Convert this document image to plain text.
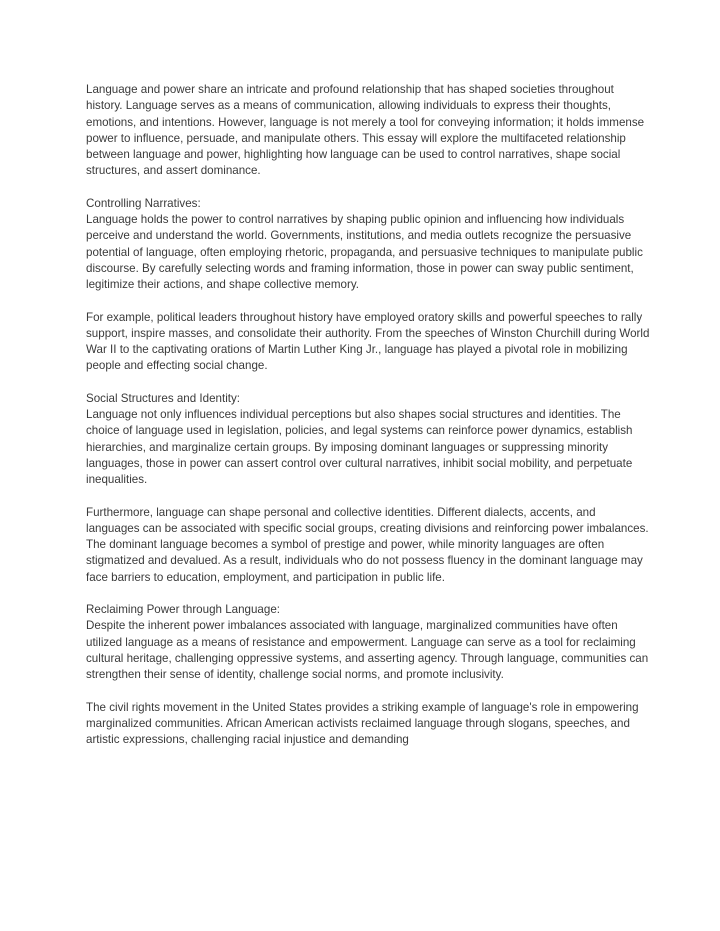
Language and power share an intricate and profound relationship that has shaped societies throughout history. Language serves as a means of communication, allowing individuals to express their thoughts, emotions, and intentions. However, language is not merely a tool for conveying information; it holds immense power to influence, persuade, and manipulate others. This essay will explore the multifaceted relationship between language and power, highlighting how language can be used to control narratives, shape social structures, and assert dominance.

Controlling Narratives:
Language holds the power to control narratives by shaping public opinion and influencing how individuals perceive and understand the world. Governments, institutions, and media outlets recognize the persuasive potential of language, often employing rhetoric, propaganda, and persuasive techniques to manipulate public discourse. By carefully selecting words and framing information, those in power can sway public sentiment, legitimize their actions, and shape collective memory.

For example, political leaders throughout history have employed oratory skills and powerful speeches to rally support, inspire masses, and consolidate their authority. From the speeches of Winston Churchill during World War II to the captivating orations of Martin Luther King Jr., language has played a pivotal role in mobilizing people and effecting social change.

Social Structures and Identity:
Language not only influences individual perceptions but also shapes social structures and identities. The choice of language used in legislation, policies, and legal systems can reinforce power dynamics, establish hierarchies, and marginalize certain groups. By imposing dominant languages or suppressing minority languages, those in power can assert control over cultural narratives, inhibit social mobility, and perpetuate inequalities.

Furthermore, language can shape personal and collective identities. Different dialects, accents, and languages can be associated with specific social groups, creating divisions and reinforcing power imbalances. The dominant language becomes a symbol of prestige and power, while minority languages are often stigmatized and devalued. As a result, individuals who do not possess fluency in the dominant language may face barriers to education, employment, and participation in public life.

Reclaiming Power through Language:
Despite the inherent power imbalances associated with language, marginalized communities have often utilized language as a means of resistance and empowerment. Language can serve as a tool for reclaiming cultural heritage, challenging oppressive systems, and asserting agency. Through language, communities can strengthen their sense of identity, challenge social norms, and promote inclusivity.

The civil rights movement in the United States provides a striking example of language's role in empowering marginalized communities. African American activists reclaimed language through slogans, speeches, and artistic expressions, challenging racial injustice and demanding
